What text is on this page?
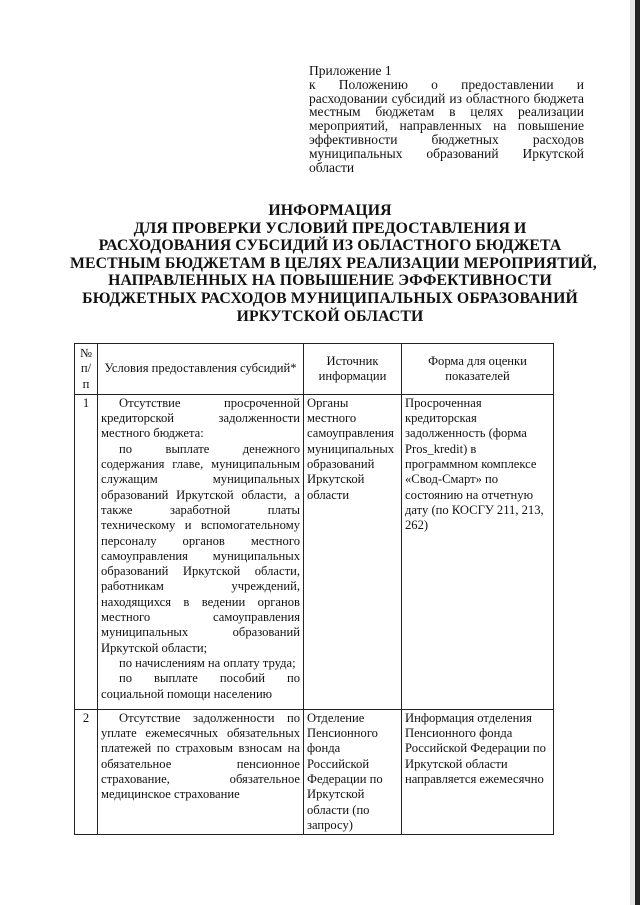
Приложение 1
к Положению о предоставлении и расходовании субсидий из областного бюджета местным бюджетам в целях реализации мероприятий, направленных на повышение эффективности бюджетных расходов муниципальных образований Иркутской области
ИНФОРМАЦИЯ
ДЛЯ ПРОВЕРКИ УСЛОВИЙ ПРЕДОСТАВЛЕНИЯ И
РАСХОДОВАНИЯ СУБСИДИЙ ИЗ ОБЛАСТНОГО БЮДЖЕТА
МЕСТНЫМ БЮДЖЕТАМ В ЦЕЛЯХ РЕАЛИЗАЦИИ МЕРОПРИЯТИЙ,
НАПРАВЛЕННЫХ НА ПОВЫШЕНИЕ ЭФФЕКТИВНОСТИ
БЮДЖЕТНЫХ РАСХОДОВ МУНИЦИПАЛЬНЫХ ОБРАЗОВАНИЙ
ИРКУТСКОЙ ОБЛАСТИ
№ п/п	Условия предоставления субсидий*	Источник информации	Форма для оценки показателей
1	Отсутствие просроченной кредиторской задолженности местного бюджета:
по выплате денежного содержания главе, муниципальным служащим муниципальных образований Иркутской области, а также заработной платы техническому и вспомогательному персоналу органов местного самоуправления муниципальных образований Иркутской области, работникам учреждений, находящихся в ведении органов местного самоуправления муниципальных образований Иркутской области;
по начислениям на оплату труда;
по выплате пособий по социальной помощи населению	Органы местного самоуправления муниципальных образований Иркутской области	Просроченная кредиторская задолженность (форма Pros_kredit) в программном комплексе «Свод-Смарт» по состоянию на отчетную дату (по КОСГУ 211, 213, 262)
2	Отсутствие задолженности по уплате ежемесячных обязательных платежей по страховым взносам на обязательное пенсионное страхование, обязательное медицинское страхование	Отделение Пенсионного фонда Российской Федерации по Иркутской области (по запросу)	Информация отделения Пенсионного фонда Российской Федерации по Иркутской области направляется ежемесячно
